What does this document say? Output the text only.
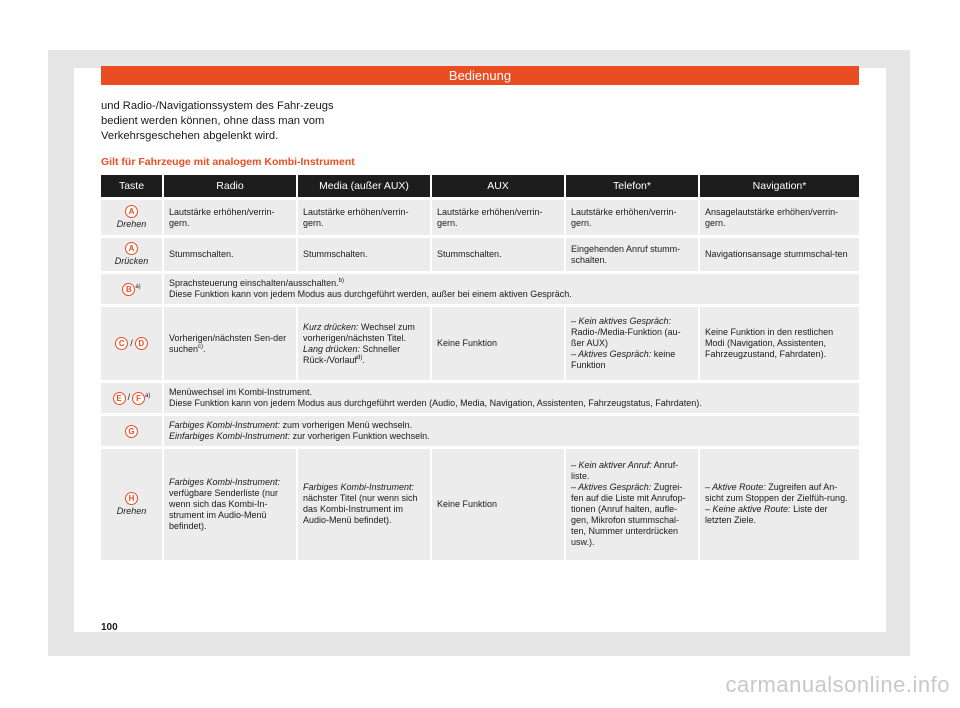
Bedienung
und Radio-/Navigationssystem des Fahr-zeugs bedient werden können, ohne dass man vom Verkehrsgeschehen abgelenkt wird.
Gilt für Fahrzeuge mit analogem Kombi-Instrument
Taste	Radio	Media (außer AUX)	AUX	Telefon*	Navigation*
A
Drehen	Lautstärke erhöhen/verrin-gern.	Lautstärke erhöhen/verrin-gern.	Lautstärke erhöhen/verrin-gern.	Lautstärke erhöhen/verrin-gern.	Ansagelautstärke erhöhen/verrin-gern.
A
Drücken	Stummschalten.	Stummschalten.	Stummschalten.	Eingehenden Anruf stumm-schalten.	Navigationsansage stummschal-ten
B $^{a)}$	Sprachsteuerung einschalten/ausschalten.$^{b)}$
Diese Funktion kann von jedem Modus aus durchgeführt werden, außer bei einem aktiven Gespräch.				
C / D	Vorherigen/nächsten Sen-der suchen$^{c)}$.	Kurz drücken: Wechsel zum vorherigen/nächsten Titel.
Lang drücken: Schneller Rück-/Vorlauf$^{d)}$.	Keine Funktion	– Kein aktives Gespräch: Radio-/Media-Funktion (au-ßer AUX)
– Aktives Gespräch: keine Funktion	Keine Funktion in den restlichen Modi (Navigation, Assistenten, Fahrzeugzustand, Fahrdaten).
E / F $^{a)}$	Menüwechsel im Kombi-Instrument.
Diese Funktion kann von jedem Modus aus durchgeführt werden (Audio, Media, Navigation, Assistenten, Fahrzeugstatus, Fahrdaten).				
G	Farbiges Kombi-Instrument: zum vorherigen Menü wechseln.
Einfarbiges Kombi-Instrument: zur vorherigen Funktion wechseln.				
H
Drehen	Farbiges Kombi-Instrument: verfügbare Senderliste (nur wenn sich das Kombi-In-strument im Audio-Menü befindet).	Farbiges Kombi-Instrument: nächster Titel (nur wenn sich das Kombi-Instrument im Audio-Menü befindet).	Keine Funktion	– Kein aktiver Anruf: Anruf-liste.
– Aktives Gespräch: Zugrei-fen auf die Liste mit Anrufop-tionen (Anruf halten, aufle-gen, Mikrofon stummschal-ten, Nummer unterdrücken usw.).	– Aktive Route: Zugreifen auf An-sicht zum Stoppen der Zielfüh-rung.
– Keine aktive Route: Liste der letzten Ziele.
100
carmanualsonline.info
